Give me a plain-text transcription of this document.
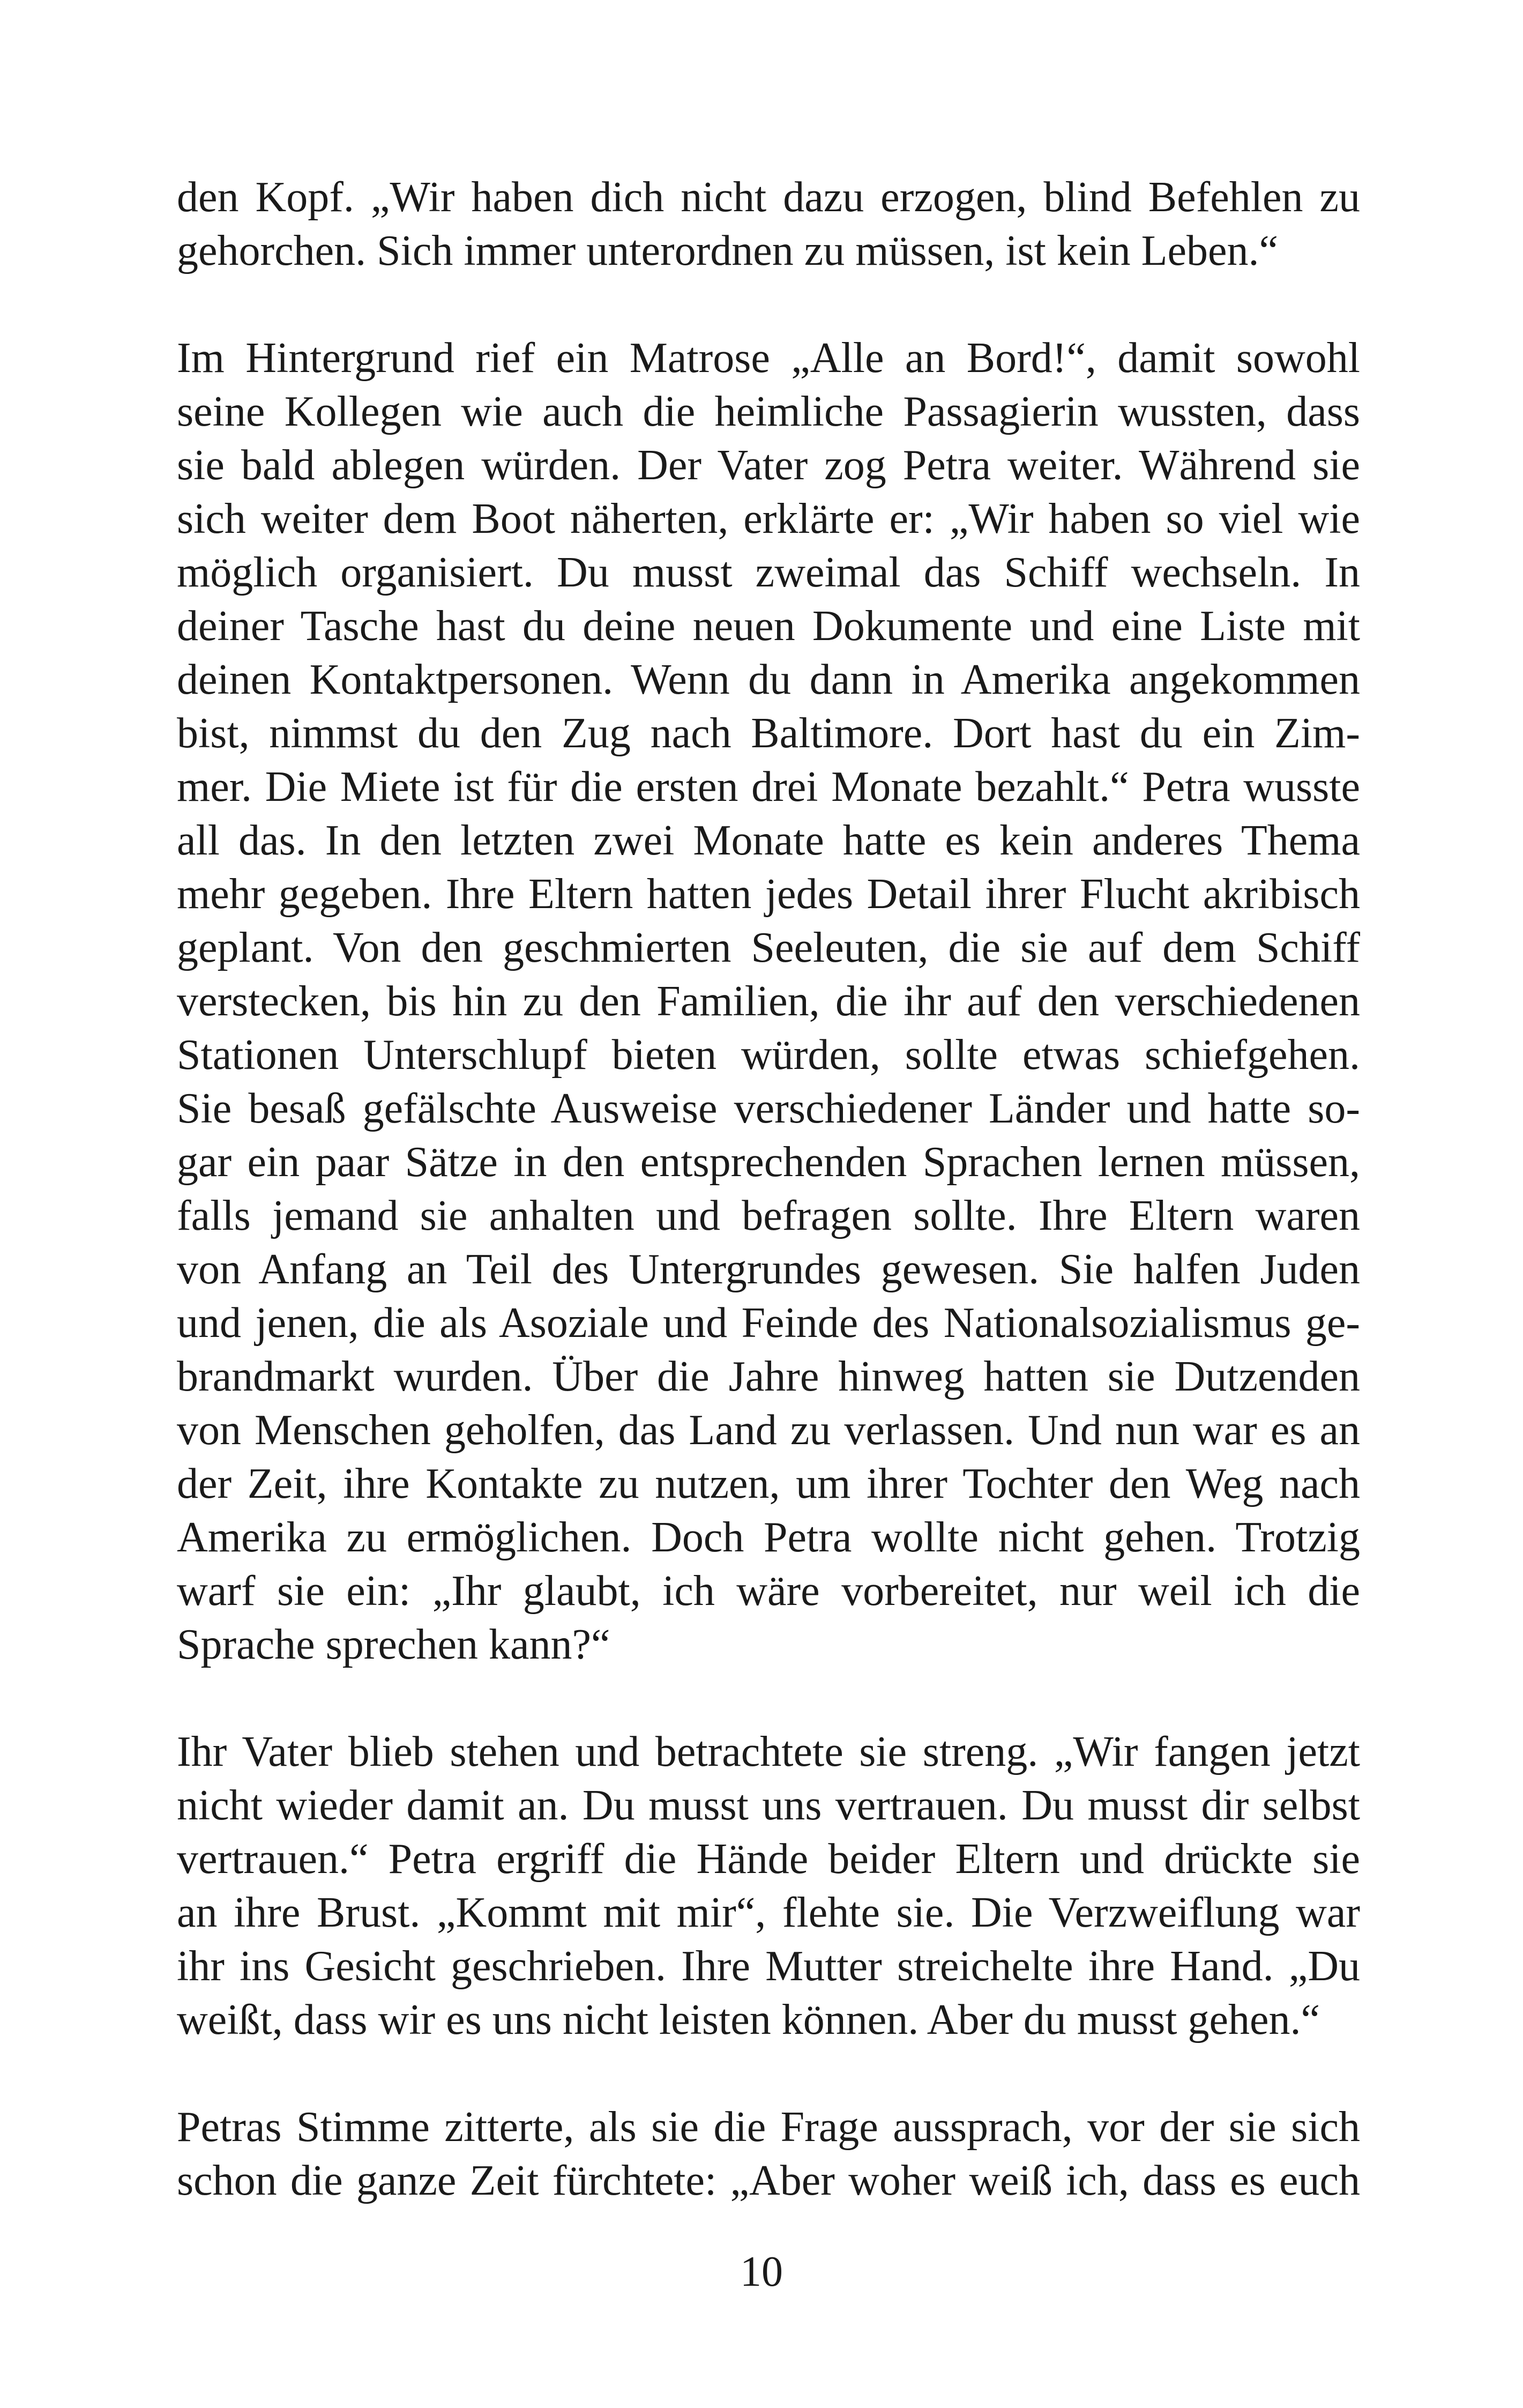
den Kopf. „Wir haben dich nicht dazu erzogen, blind Befehlen zu
gehorchen. Sich immer unterordnen zu müssen, ist kein Leben.“
Im Hintergrund rief ein Matrose „Alle an Bord!“, damit sowohl
seine Kollegen wie auch die heimliche Passagierin wussten, dass
sie bald ablegen würden. Der Vater zog Petra weiter. Während sie
sich weiter dem Boot näherten, erklärte er: „Wir haben so viel wie
möglich organisiert. Du musst zweimal das Schiff wechseln. In
deiner Tasche hast du deine neuen Dokumente und eine Liste mit
deinen Kontaktpersonen. Wenn du dann in Amerika angekommen
bist, nimmst du den Zug nach Baltimore. Dort hast du ein Zim-
mer. Die Miete ist für die ersten drei Monate bezahlt.“ Petra wusste
all das. In den letzten zwei Monate hatte es kein anderes Thema
mehr gegeben. Ihre Eltern hatten jedes Detail ihrer Flucht akribisch
geplant. Von den geschmierten Seeleuten, die sie auf dem Schiff
verstecken, bis hin zu den Familien, die ihr auf den verschiedenen
Stationen Unterschlupf bieten würden, sollte etwas schiefgehen.
Sie besaß gefälschte Ausweise verschiedener Länder und hatte so-
gar ein paar Sätze in den entsprechenden Sprachen lernen müssen,
falls jemand sie anhalten und befragen sollte. Ihre Eltern waren
von Anfang an Teil des Untergrundes gewesen. Sie halfen Juden
und jenen, die als Asoziale und Feinde des Nationalsozialismus ge-
brandmarkt wurden. Über die Jahre hinweg hatten sie Dutzenden
von Menschen geholfen, das Land zu verlassen. Und nun war es an
der Zeit, ihre Kontakte zu nutzen, um ihrer Tochter den Weg nach
Amerika zu ermöglichen. Doch Petra wollte nicht gehen. Trotzig
warf sie ein: „Ihr glaubt, ich wäre vorbereitet, nur weil ich die
Sprache sprechen kann?“
Ihr Vater blieb stehen und betrachtete sie streng. „Wir fangen jetzt
nicht wieder damit an. Du musst uns vertrauen. Du musst dir selbst
vertrauen.“ Petra ergriff die Hände beider Eltern und drückte sie
an ihre Brust. „Kommt mit mir“, flehte sie. Die Verzweiflung war
ihr ins Gesicht geschrieben. Ihre Mutter streichelte ihre Hand. „Du
weißt, dass wir es uns nicht leisten können. Aber du musst gehen.“
Petras Stimme zitterte, als sie die Frage aussprach, vor der sie sich
schon die ganze Zeit fürchtete: „Aber woher weiß ich, dass es euch
10
